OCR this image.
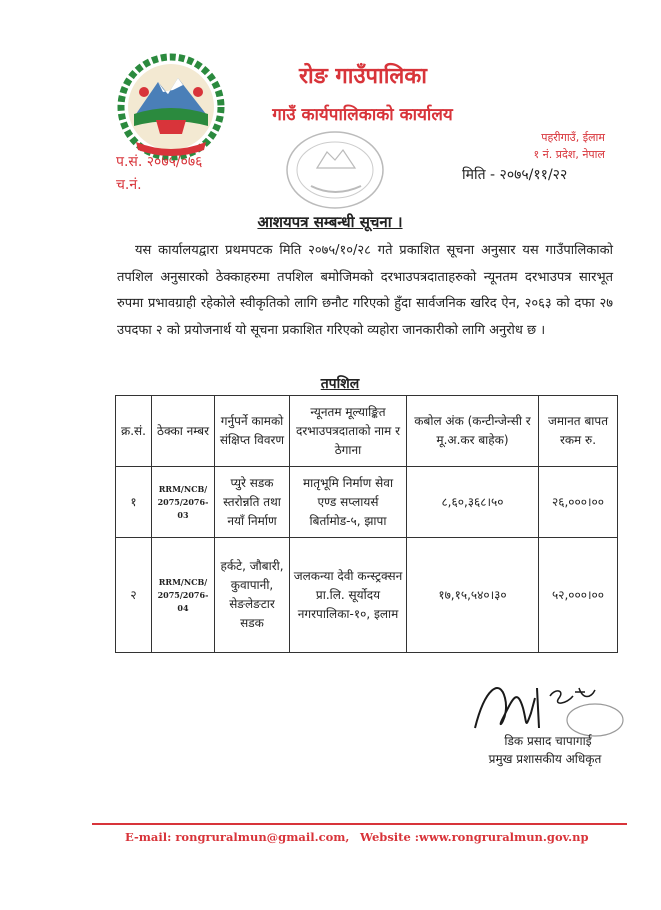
रोङ गाउँपालिका
गाउँ कार्यपालिकाको कार्यालय
पहरीगाउँ, ईलाम
१ नं. प्रदेश, नेपाल
प.सं. २०७५/०७६
च.नं.
मिति - २०७५/११/२२
आशयपत्र सम्बन्धी सूचना ।
यस कार्यालयद्वारा प्रथमपटक मिति २०७५/१०/२८ गते प्रकाशित सूचना अनुसार यस गाउँपालिकाको तपशिल अनुसारको ठेक्काहरुमा तपशिल बमोजिमको दरभाउपत्रदाताहरुको न्यूनतम दरभाउपत्र सारभूत रुपमा प्रभावग्राही रहेकोले स्वीकृतिको लागि छनौट गरिएको हुँदा सार्वजनिक खरिद ऐन, २०६३ को दफा २७ उपदफा २ को प्रयोजनार्थ यो सूचना प्रकाशित गरिएको व्यहोरा जानकारीको लागि अनुरोध छ ।
तपशिल
क्र.सं.	ठेक्का नम्बर	गर्नुपर्ने कामको संक्षिप्त विवरण	न्यूनतम मूल्याङ्कित दरभाउपत्रदाताको नाम र ठेगाना	कबोल अंक (कन्टीन्जेन्सी र मू.अ.कर बाहेक)	जमानत बापत रकम रु.
१	RRM/NCB/ 2075/2076-03	प्युरे सडक स्तरोन्नति तथा नयाँ निर्माण	मातृभूमि निर्माण सेवा एण्ड सप्लायर्स बिर्तामोड-५, झापा	८,६०,३६८।५०	२६,०००।००
२	RRM/NCB/ 2075/2076-04	हर्कटे, जौबारी, कुवापानी, सेङलेङटार सडक	जलकन्या देवी कन्स्ट्रक्सन प्रा.लि. सूर्योदय नगरपालिका-१०, इलाम	१७,१५,५४०।३०	५२,०००।००
डिक प्रसाद चापागाई
प्रमुख प्रशासकीय अधिकृत
E-mail: rongruralmun@gmail.com, Website :www.rongruralmun.gov.np
